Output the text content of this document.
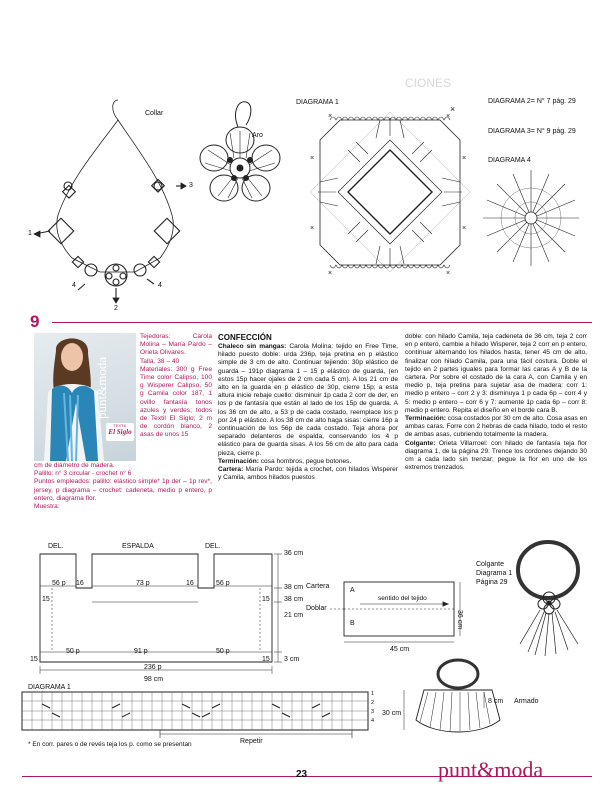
×	×
×	×
×	×
×	×
×
Collar
Aro
3
1
2
4	4
DIAGRAMA 1	DIAGRAMA 2= N° 7 pág. 29
DIAGRAMA 3= N° 9 pág. 29
DIAGRAMA 4
CIONES
9
punt&moda
TEXTIL
El Siglo

Tejedoras: Carola Molina – María Pardo – Orieta Olivares.

Talla. 38 – 40

Materiales: 300 g Free Time color Calipso, 100 g Wisperer Calipso, 50 g Camila color 187, 1 ovillo fantasía tonos azules y verdes; todos de Textil El Siglo; 2 m de cordón blanco, 2 asas de unos 15

cm de diámetro de madera.

Palillo: n° 3 circular - crochet n° 6

Puntos empleados: palillo: elástico simple* 1p der – 1p rev*, jersey, p diagrama – crochet: cadeneta, medio p entero, p entero, diagrama flor.

Muestra:

CONFECCIÓN

Chaleco sin mangas: Carola Molina: tejido en Free Time, hilado puesto doble: urda 236p, teja pretina en p elástico simple de 3 cm de alto. Continuar tejiendo: 30p elástico de guarda – 191p diagrama 1 – 15 p elástico de guarda, (en estos 15p hacer ojales de 2 cm cada 5 cm). A los 21 cm de alto en la guarda en p elástico de 30p, cierre 15p; a esta altura inicie rebaje cuello: disminuir 1p cada 2 corr de der, en los p de fantasía que están al lado de los 15p de guarda. A los 36 cm de alto, a 53 p de cada costado, reemplace los p por 24 p elástico. A los 38 cm de alto haga sisas: cierre 16p a continuación de los 56p de cada costado. Teja ahora por separado delanteros de espalda, conservando los 4 p elástico para de guarda sisas. A los 56 cm de alto para cada pieza, cierre p.

Terminación: cosa hombros, pegue botones.

Cartera: María Pardo: tejida a crochet, con hilados Wisperer y Camila, ambos hilados puestos

doble: con hilado Camila, teja cadeneta de 36 cm, teja 2 corr en p entero, cambie a hilado Wisperer, teja 2 corr en p entero, continuar alternando los hilados hasta, tener 45 cm de alto, finalizar con hilado Camila, para una fácil costura. Doble el tejido en 2 partes iguales para formar las caras A y B de la cartera. Por sobre el costado de la cara A, con Camila y en medio p, teja pretina para sujetar asa de madera: corr 1: medio p entero – corr 2 y 3: disminuya 1 p cada 6p – corr 4 y 5: medio p entero – corr 6 y 7: aumente 1p cada 6p – corr 8: medio p entero. Repita el diseño en el borde cara B.

Terminación: cosa costados por 30 cm de alto. Cosa asas en ambas caras. Forre con 2 hebras de cada hilado, todo el resto de ambas asas, cubriendo totalmente la madera.

Colgante: Orieta Villarroel: con hilado de fantasía teja flor diagrama 1, de la página 29. Trence los cordones dejando 30 cm a cada lado sin trenzar; pegue la flor en uno de los extremos trenzados.

DEL.	ESPALDA	DEL.
36 cm
38 cm
38 cm
21 cm
3 cm
56 p 16	73 p	16	56 p
15	15
50 p	91 p	50 p
15	15
236 p
98 cm
Cartera
Doblar
A
B
sentido del tejido
45 cm
36 cm
Colgante
Diagrama 1
Página 29
Armado
8 cm
30 cm
DIAGRAMA 1
Repetir
1
2
3
4
* En corr. pares o de revés teja los p. como se presentan
23	punt&moda
